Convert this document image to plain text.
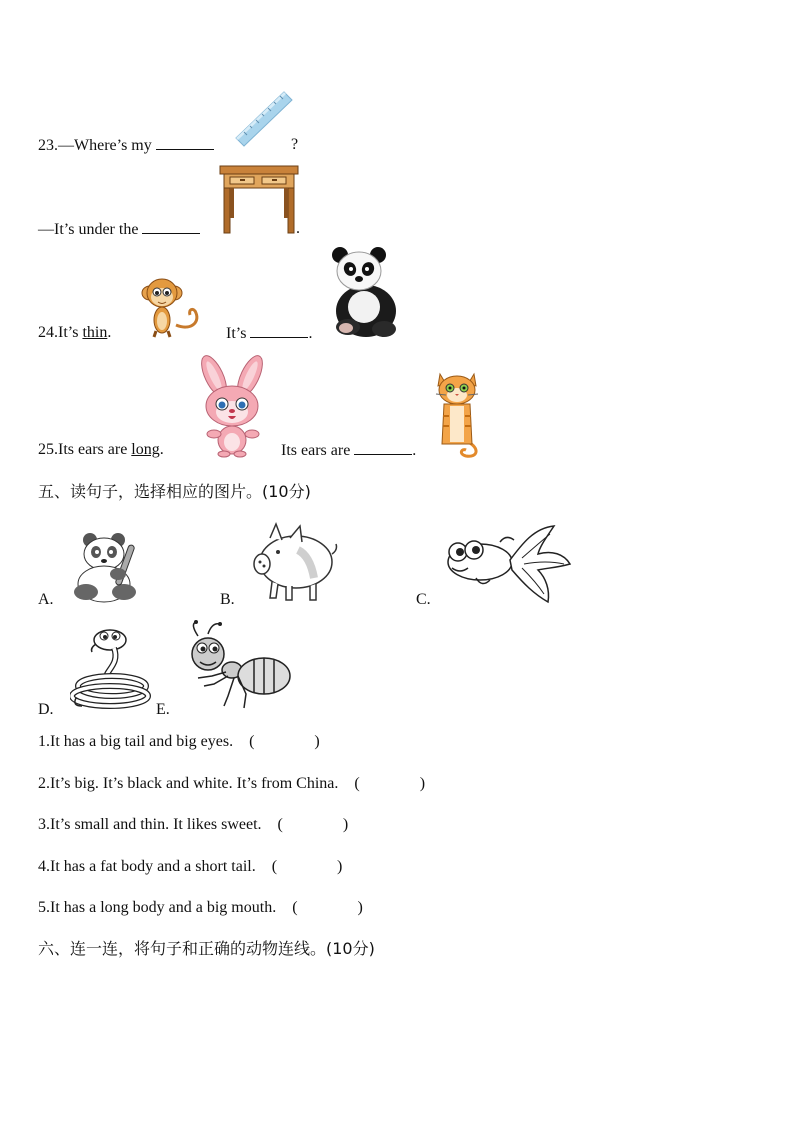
23.—Where’s my	?
—It’s under the	.
24.It’s thin.	It’s	.
25.Its ears are long.	Its ears are	.
五、读句子，选择相应的图片。(10分)
A.	B.	C.
D.	E.
1.It has a big tail and big eyes. (	)
2.It’s big. It’s black and white. It’s from China. (	)
3.It’s small and thin. It likes sweet. (	)
4.It has a fat body and a short tail. (	)
5.It has a long body and a big mouth. (	)
六、连一连，将句子和正确的动物连线。(10分)
